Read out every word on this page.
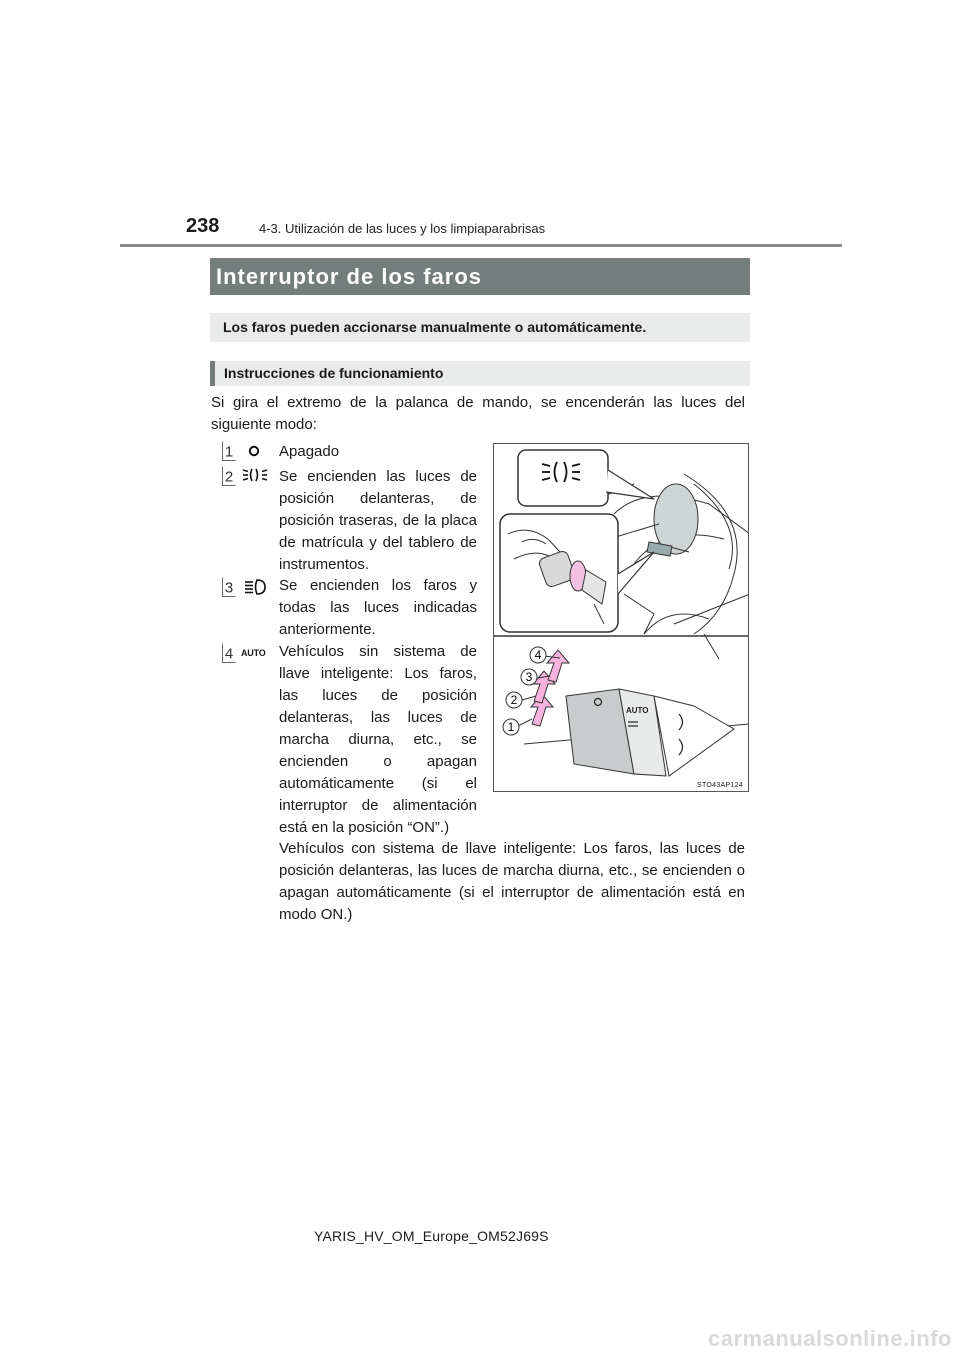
238	4-3. Utilización de las luces y los limpiaparabrisas
Interruptor de los faros
Los faros pueden accionarse manualmente o automáticamente.
Instrucciones de funcionamiento
Si gira el extremo de la palanca de mando, se encenderán las luces del siguiente modo:
1	Apagado
2	Se encienden las luces de posición delanteras, de posición traseras, de la placa de matrícula y del tablero de instrumentos.
3	Se encienden los faros y todas las luces indicadas anteriormente.
4 AUTO Vehículos sin sistema de llave inteligente: Los faros, las luces de posición delanteras, las luces de marcha diurna, etc., se encienden o apagan automáticamente (si el interruptor de alimentación está en la posición “ON”.)
AUTO
1
2
3
4
STO43AP124
Vehículos con sistema de llave inteligente: Los faros, las luces de posición delanteras, las luces de marcha diurna, etc., se encienden o apagan automáticamente (si el interruptor de alimentación está en modo ON.)
YARIS_HV_OM_Europe_OM52J69S
carmanualsonline.info
